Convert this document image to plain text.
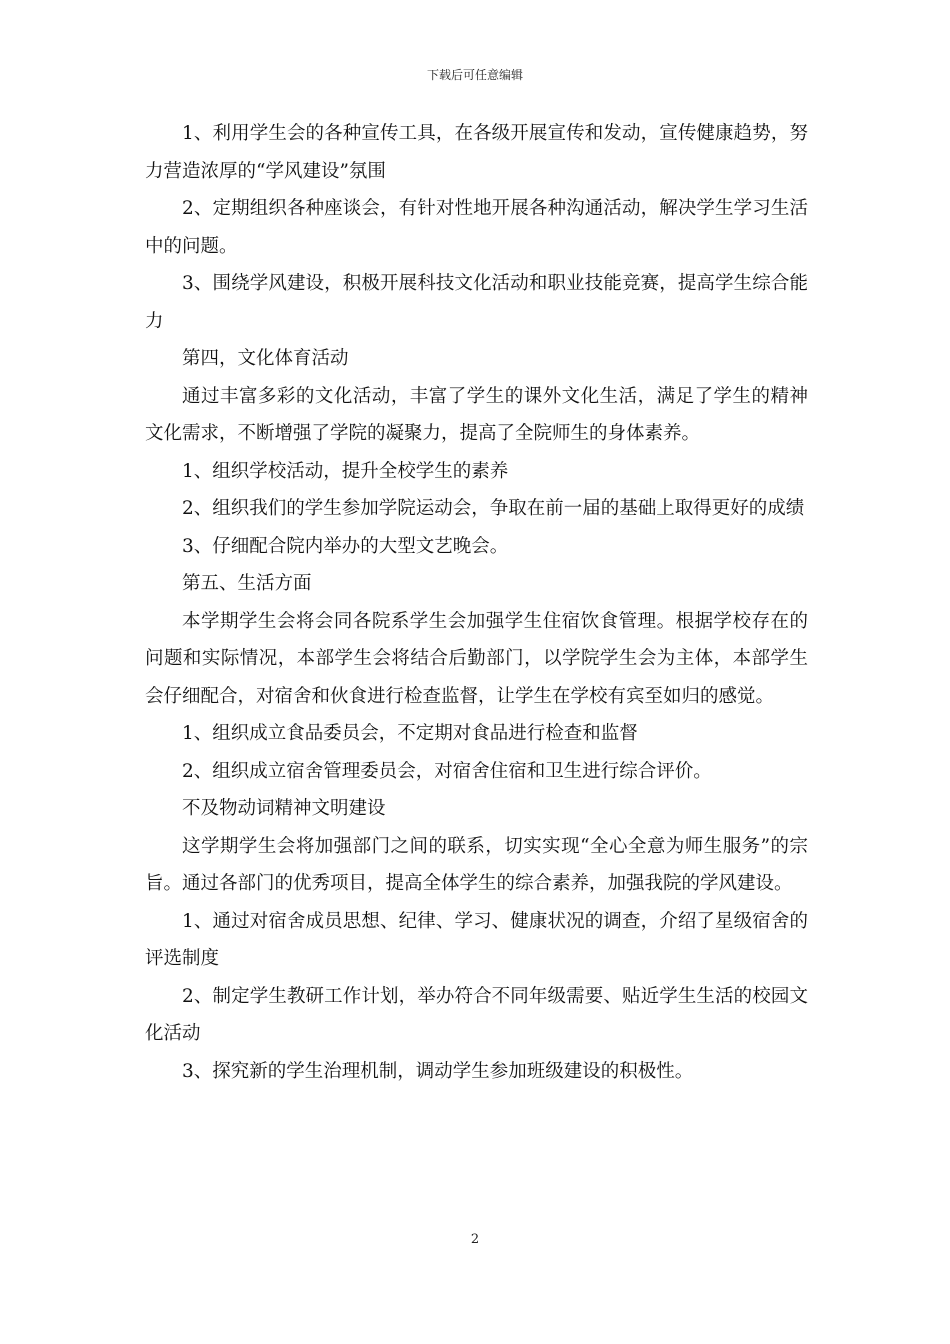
下载后可任意编辑

1、利用学生会的各种宣传工具，在各级开展宣传和发动，宣传健康趋势，努力营造浓厚的“学风建设”氛围

2、定期组织各种座谈会，有针对性地开展各种沟通活动，解决学生学习生活中的问题。

3、围绕学风建设，积极开展科技文化活动和职业技能竞赛，提高学生综合能力

第四，文化体育活动

通过丰富多彩的文化活动，丰富了学生的课外文化生活，满足了学生的精神文化需求，不断增强了学院的凝聚力，提高了全院师生的身体素养。

1、组织学校活动，提升全校学生的素养

2、组织我们的学生参加学院运动会，争取在前一届的基础上取得更好的成绩

3、仔细配合院内举办的大型文艺晚会。

第五、生活方面

本学期学生会将会同各院系学生会加强学生住宿饮食管理。根据学校存在的问题和实际情况，本部学生会将结合后勤部门，以学院学生会为主体，本部学生会仔细配合，对宿舍和伙食进行检查监督，让学生在学校有宾至如归的感觉。

1、组织成立食品委员会，不定期对食品进行检查和监督

2、组织成立宿舍管理委员会，对宿舍住宿和卫生进行综合评价。

不及物动词精神文明建设

这学期学生会将加强部门之间的联系，切实实现“全心全意为师生服务”的宗旨。通过各部门的优秀项目，提高全体学生的综合素养，加强我院的学风建设。

1、通过对宿舍成员思想、纪律、学习、健康状况的调查，介绍了星级宿舍的评选制度

2、制定学生教研工作计划，举办符合不同年级需要、贴近学生生活的校园文化活动

3、探究新的学生治理机制，调动学生参加班级建设的积极性。

2
